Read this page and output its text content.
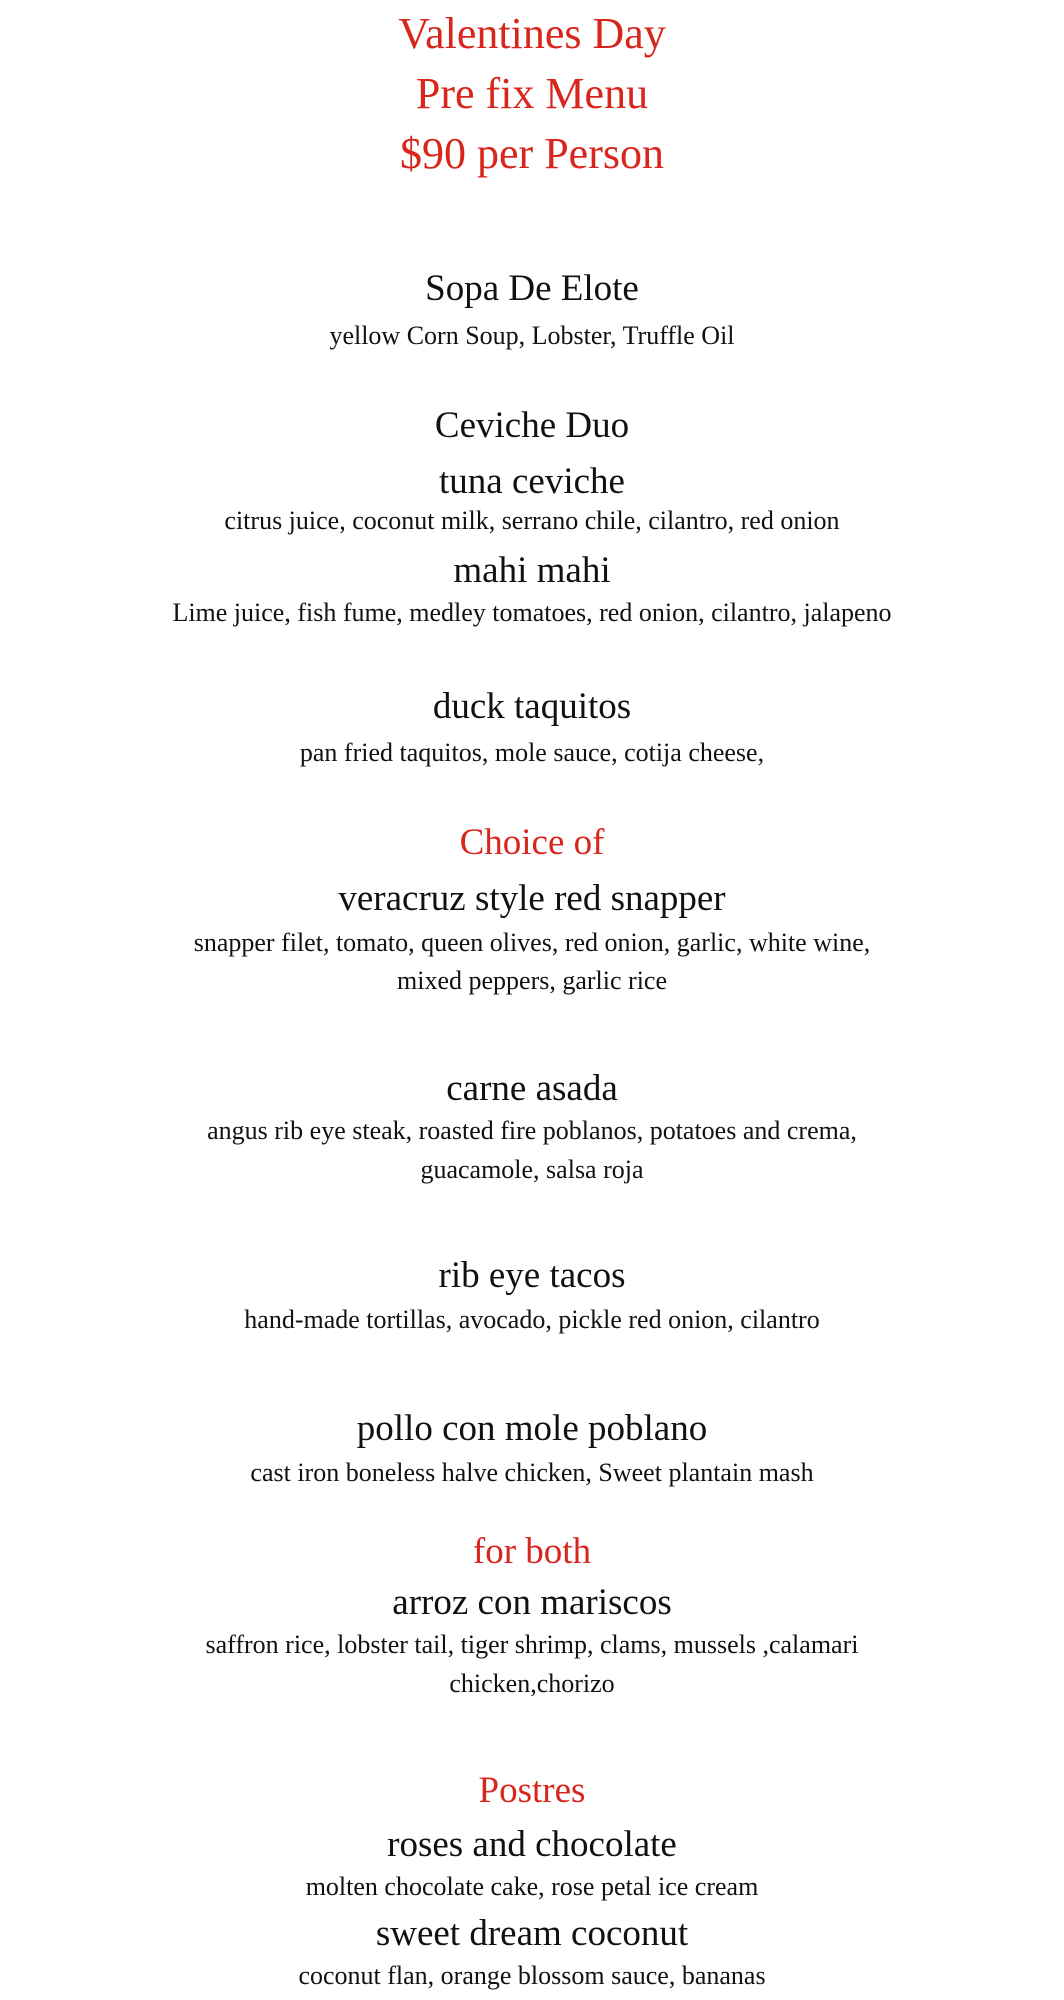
Valentines Day
Pre fix Menu
$90 per Person
Sopa De Elote
yellow Corn Soup, Lobster, Truffle Oil
Ceviche Duo
tuna ceviche
citrus juice, coconut milk, serrano chile, cilantro, red onion
mahi mahi
Lime juice, fish fume, medley tomatoes, red onion, cilantro, jalapeno
duck taquitos
pan fried taquitos, mole sauce, cotija cheese,
Choice of
veracruz style red snapper
snapper filet, tomato, queen olives, red onion, garlic, white wine,
mixed peppers, garlic rice
carne asada
angus rib eye steak, roasted fire poblanos, potatoes and crema,
guacamole, salsa roja
rib eye tacos
hand-made tortillas, avocado, pickle red onion, cilantro
pollo con mole poblano
cast iron boneless halve chicken, Sweet plantain mash
for both
arroz con mariscos
saffron rice, lobster tail, tiger shrimp, clams, mussels ,calamari
chicken,chorizo
Postres
roses and chocolate
molten chocolate cake, rose petal ice cream
sweet dream coconut
coconut flan, orange blossom sauce, bananas
